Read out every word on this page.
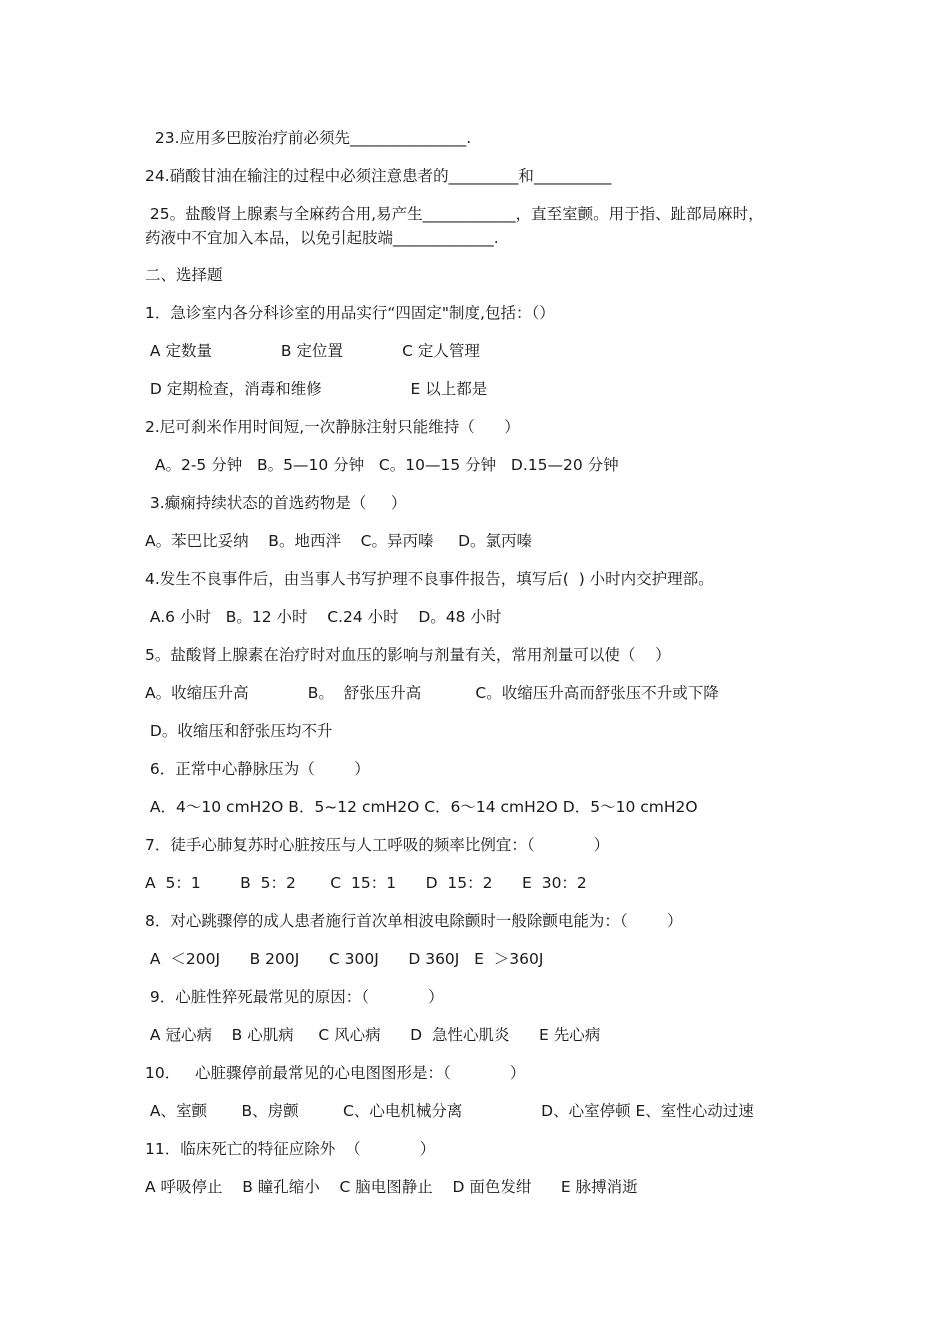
23.应用多巴胺治疗前必须先_______________.

24.硝酸甘油在输注的过程中必须注意患者的_________和__________

25。盐酸肾上腺素与全麻药合用,易产生____________，直至室颤。用于指、趾部局麻时，

药液中不宜加入本品，以免引起肢端_____________.

二、选择题

1．急诊室内各分科诊室的用品实行“四固定"制度,包括：（）

A 定数量              B 定位置            C 定人管理

D 定期检查，消毒和维修                  E 以上都是

2.尼可刹米作用时间短,一次静脉注射只能维持（      ）

A。2-5 分钟   B。5—10 分钟   C。10—15 分钟   D.15—20 分钟

3.癫痫持续状态的首选药物是（     ）

A。苯巴比妥纳    B。地西泮    C。异丙嗪     D。氯丙嗪

4.发生不良事件后，由当事人书写护理不良事件报告，填写后(  ) 小时内交护理部。

A.6 小时   B。12 小时    C.24 小时    D。48 小时

5。盐酸肾上腺素在治疗时对血压的影响与剂量有关，常用剂量可以使（    ）

A。收缩压升高            B。  舒张压升高           C。收缩压升高而舒张压不升或下降

D。收缩压和舒张压均不升

6．正常中心静脉压为（        ）

A．4～10 cmH2O B．5~12 cmH2O C．6～14 cmH2O D．5～10 cmH2O

7．徒手心肺复苏时心脏按压与人工呼吸的频率比例宜：（            ）

A  5：1        B  5：2       C  15：1      D  15：2      E  30：2

8．对心跳骤停的成人患者施行首次单相波电除颤时一般除颤电能为：（        ）

A  ＜200J      B 200J      C 300J      D 360J   E  ＞360J

9．心脏性猝死最常见的原因：（            ）

A 冠心病    B 心肌病     C 风心病      D  急性心肌炎      E 先心病

10．   心脏骤停前最常见的心电图图形是：（            ）

A、室颤       B、房颤         C、心电机械分离                D、心室停顿 E、室性心动过速

11．临床死亡的特征应除外  （            ）

A 呼吸停止    B 瞳孔缩小    C 脑电图静止    D 面色发绀      E 脉搏消逝
